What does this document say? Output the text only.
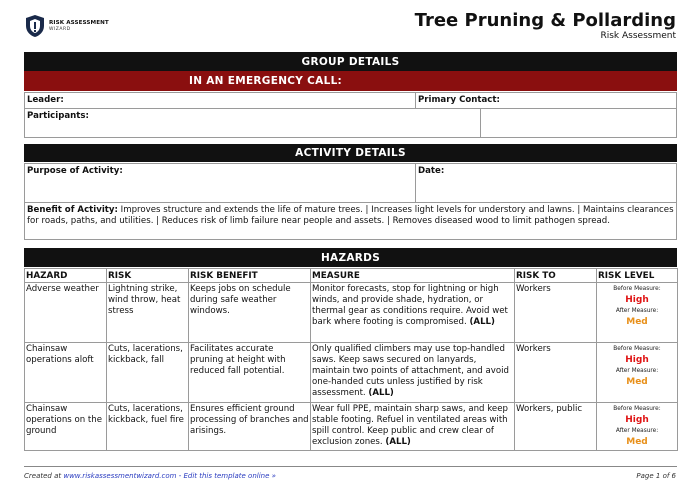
RISK ASSESSMENT
WIZARD	Tree Pruning & Pollarding
Risk Assessment
GROUP DETAILS
IN AN EMERGENCY CALL:
Leader:	Primary Contact:
Participants:
ACTIVITY DETAILS
Purpose of Activity:	Date:
Benefit of Activity: Improves structure and extends the life of mature trees. | Increases light levels for understory and lawns. | Maintains clearances for roads, paths, and utilities. | Reduces risk of limb failure near people and assets. | Removes diseased wood to limit pathogen spread.
HAZARDS
HAZARD	RISK	RISK BENEFIT	MEASURE	RISK TO	RISK LEVEL
Adverse weather	Lightning strike, wind throw, heat stress	Keeps jobs on schedule during safe weather windows.	Monitor forecasts, stop for lightning or high winds, and provide shade, hydration, or thermal gear as conditions require. Avoid wet bark where footing is compromised. (ALL)	Workers	Before Measure:
High
After Measure:
Med

Chainsaw operations aloft	Cuts, lacerations, kickback, fall	Facilitates accurate pruning at height with reduced fall potential.	Only qualified climbers may use top-handled saws. Keep saws secured on lanyards, maintain two points of attachment, and avoid one-handed cuts unless justified by risk assessment. (ALL)	Workers	Before Measure:
High
After Measure:
Med

Chainsaw operations on the ground	Cuts, lacerations, kickback, fuel fire	Ensures efficient ground processing of branches and arisings.	Wear full PPE, maintain sharp saws, and keep stable footing. Refuel in ventilated areas with spill control. Keep public and crew clear of exclusion zones. (ALL)	Workers, public	Before Measure:
High
After Measure:
Med
Created at www.riskassessmentwizard.com - Edit this template online »	Page 1 of 6
